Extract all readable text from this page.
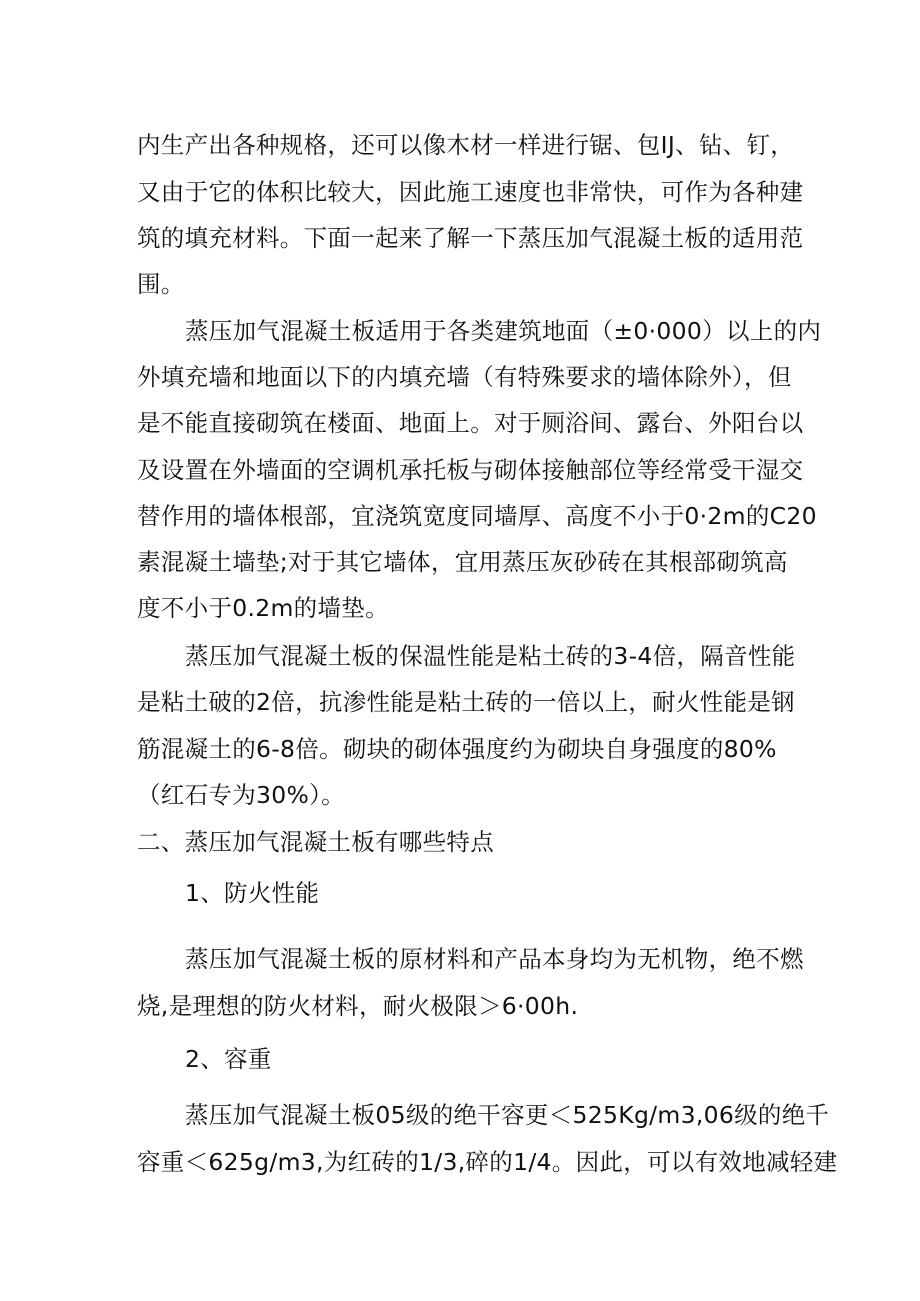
内生产出各种规格，还可以像木材一样进行锯、包IJ、钻、钉，
又由于它的体积比较大，因此施工速度也非常快，可作为各种建
筑的填充材料。下面一起来了解一下蒸压加气混凝土板的适用范
围。
蒸压加气混凝土板适用于各类建筑地面（±0·000）以上的内
外填充墙和地面以下的内填充墙（有特殊要求的墙体除外），但
是不能直接砌筑在楼面、地面上。对于厕浴间、露台、外阳台以
及设置在外墙面的空调机承托板与砌体接触部位等经常受干湿交
替作用的墙体根部，宜浇筑宽度同墙厚、高度不小于0·2m的C20
素混凝土墙垫;对于其它墙体，宜用蒸压灰砂砖在其根部砌筑高
度不小于0.2m的墙垫。
蒸压加气混凝土板的保温性能是粘土砖的3-4倍，隔音性能
是粘土破的2倍，抗渗性能是粘土砖的一倍以上，耐火性能是钢
筋混凝土的6-8倍。砌块的砌体强度约为砌块自身强度的80%
（红石专为30%）。
二、蒸压加气混凝土板有哪些特点
1、防火性能
蒸压加气混凝土板的原材料和产品本身均为无机物，绝不燃
烧,是理想的防火材料，耐火极限＞6·00h.
2、容重
蒸压加气混凝土板05级的绝干容更＜525Kg∕m3,06级的绝千
容重＜625g∕m3,为红砖的1/3,碎的1/4。因此，可以有效地减轻建
